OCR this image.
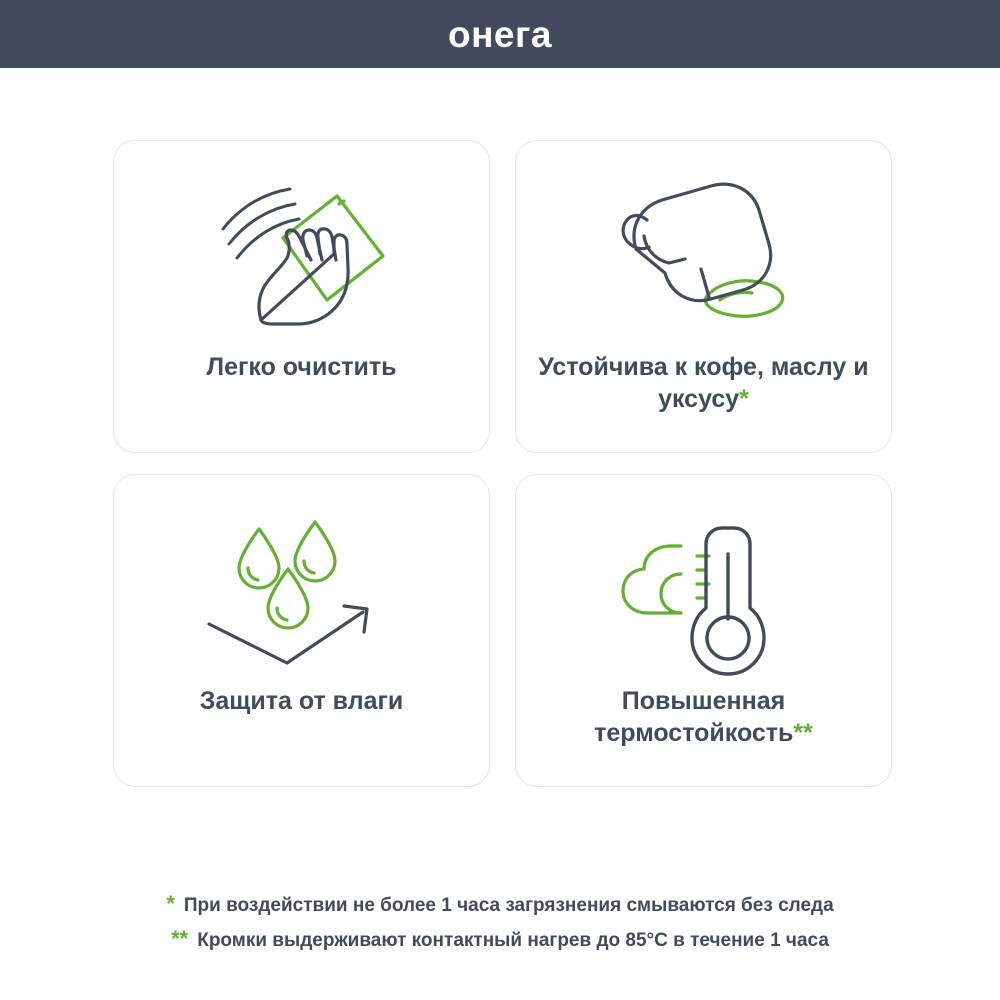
онега
Легко очистить	Устойчива к кофе, маслу и уксусу*
Защита от влаги	Повышенная термостойкость**
* При воздействии не более 1 часа загрязнения смываются без следа
** Кромки выдерживают контактный нагрев до 85°С в течение 1 часа
